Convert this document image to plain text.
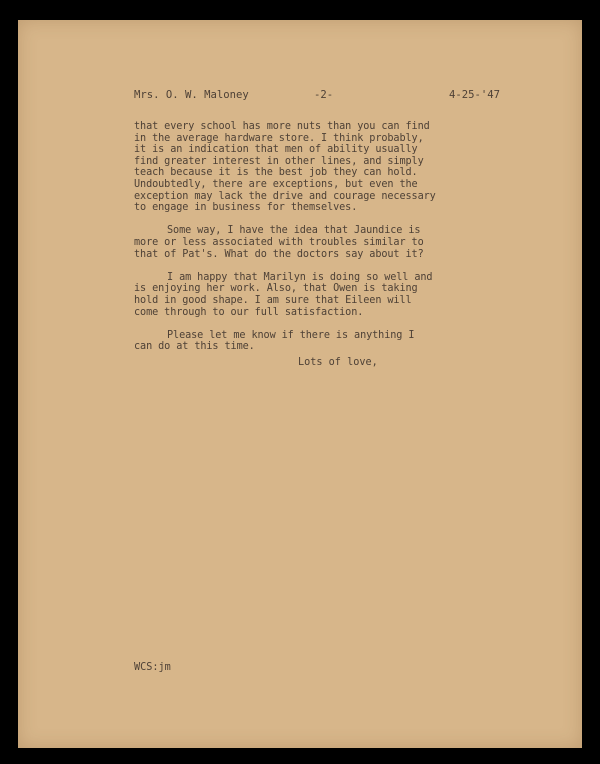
Mrs. O. W. Maloney	-2-	4-25-'47

that every school has more nuts than you can find
in the average hardware store. I think probably,
it is an indication that men of ability usually
find greater interest in other lines, and simply
teach because it is the best job they can hold.
Undoubtedly, there are exceptions, but even the
exception may lack the drive and courage necessary
to engage in business for themselves.

Some way, I have the idea that Jaundice is
more or less associated with troubles similar to
that of Pat's. What do the doctors say about it?

I am happy that Marilyn is doing so well and
is enjoying her work. Also, that Owen is taking
hold in good shape. I am sure that Eileen will
come through to our full satisfaction.

Please let me know if there is anything I
can do at this time.

Lots of love,
WCS:jm
